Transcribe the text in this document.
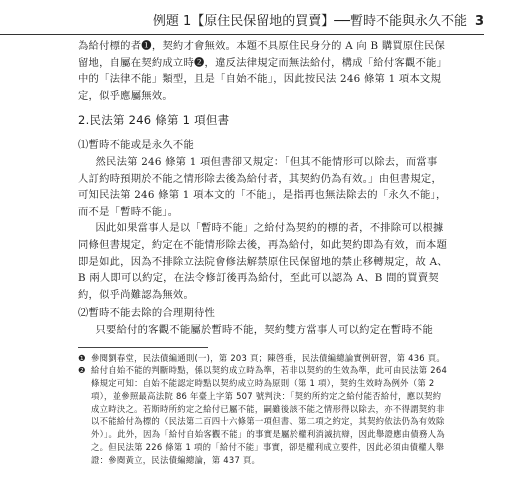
例題 1【原住民保留地的買賣】──暫時不能與永久不能 3

為給付標的者❶，契約才會無效。本題不具原住民身分的 A 向 B 購買原住民保留地，自屬在契約成立時❷，違反法律規定而無法給付，構成「給付客觀不能」中的「法律不能」類型，且是「自始不能」，因此按民法 246 條第 1 項本文規定，似乎應屬無效。

2.民法第 246 條第 1 項但書

⑴暫時不能或是永久不能

然民法第 246 條第 1 項但書卻又規定：「但其不能情形可以除去，而當事人訂約時預期於不能之情形除去後為給付者，其契約仍為有效。」由但書規定，可知民法第 246 條第 1 項本文的「不能」，是指再也無法除去的「永久不能」，而不是「暫時不能」。

因此如果當事人是以「暫時不能」之給付為契約的標的者，不排除可以根據同條但書規定，約定在不能情形除去後，再為給付，如此契約即為有效，而本題即是如此，因為不排除立法院會修法解禁原住民保留地的禁止移轉規定，故 A、B 兩人即可以約定，在法令修訂後再為給付，至此可以認為 A、B 間的買賣契約，似乎尚難認為無效。

⑵暫時不能去除的合理期待性

只要給付的客觀不能屬於暫時不能，契約雙方當事人可以約定在暫時不能

❶ 參閱劉春堂，民法債編通則(一)，第 203 頁；陳啓垂，民法債編總論實例研習，第 436 頁。
❷ 給付自始不能的判斷時點，係以契約成立時為準，若非以契約的生效為準，此可由民法第 264 條規定可知：自始不能認定時點以契約成立時為原則（第 1 項），契約生效時為例外（第 2 項），並參照最高法院 86 年臺上字第 507 號判決：「契約所約定之給付能否給付，應以契約成立時決之。若斯時所約定之給付已屬不能，嗣雖後該不能之情形得以除去，亦不得謂契約非以不能給付為標的（民法第二百四十六條第一項但書、第二項之約定，其契約依法仍為有效除外）」。此外，因為「給付自始客觀不能」的事實是屬於權利消滅抗辯，因此舉證應由債務人為之。但民法第 226 條第 1 項的「給付不能」事實，卻是權利成立要件，因此必須由債權人舉證：參閱黃立，民法債編總論，第 437 頁。
